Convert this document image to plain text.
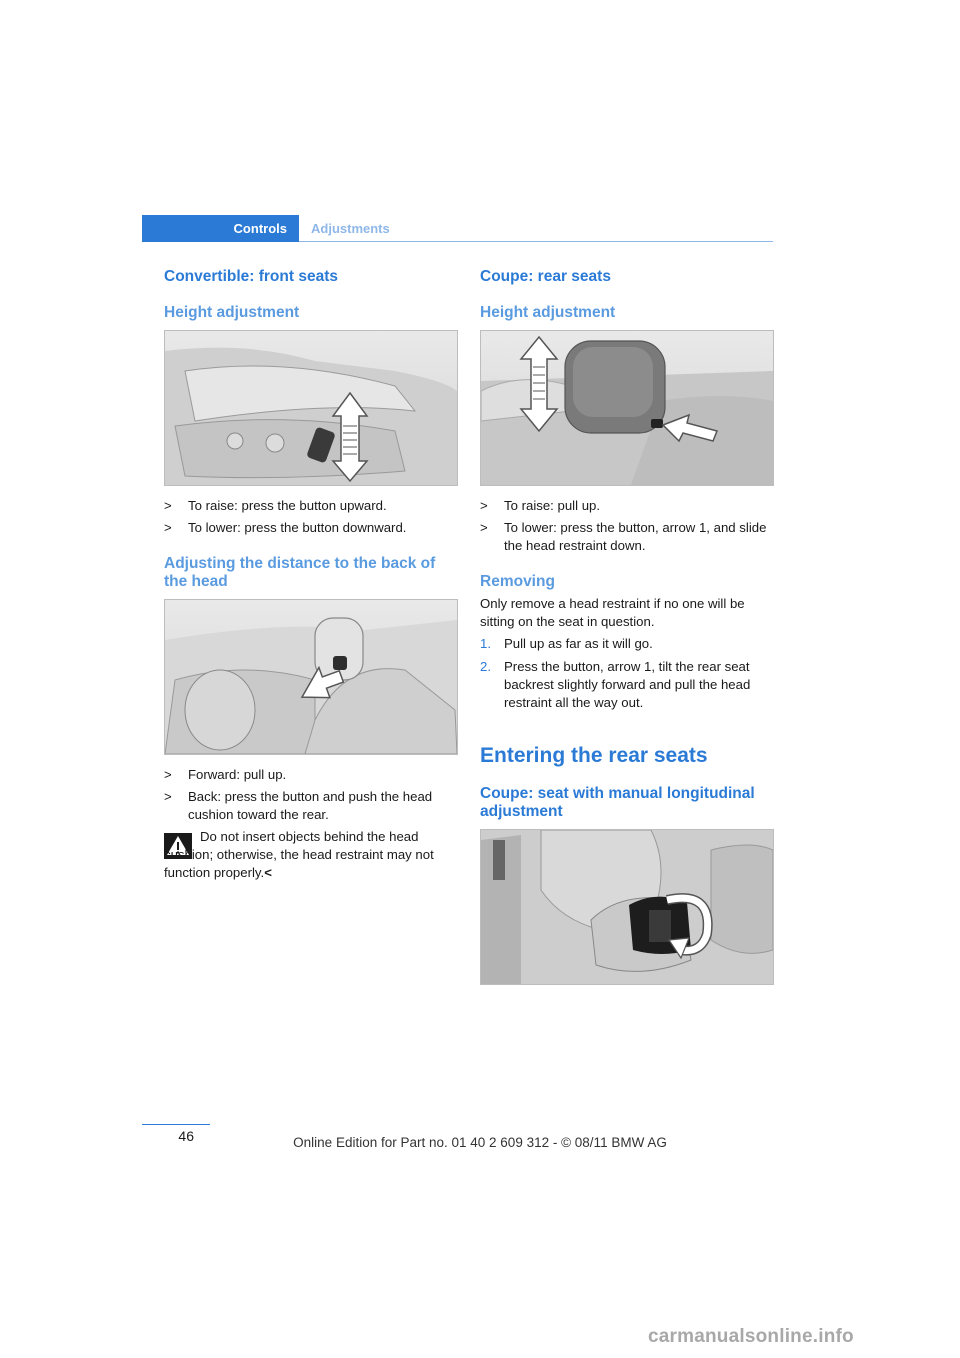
Controls	Adjustments
Convertible: front seats
Height adjustment
> To raise: press the button upward.
> To lower: press the button downward.
Adjusting the distance to the back of the head
> Forward: pull up.
> Back: press the button and push the head cushion toward the rear.

Do not insert objects behind the head cushion; otherwise, the head restraint may not function properly.<

Coupe: rear seats
Height adjustment
> To raise: pull up.
> To lower: press the button, arrow 1, and slide the head restraint down.
Removing

Only remove a head restraint if no one will be sitting on the seat in question.

1. Pull up as far as it will go.
2. Press the button, arrow 1, tilt the rear seat backrest slightly forward and pull the head restraint all the way out.
Entering the rear seats
Coupe: seat with manual longitudinal adjustment
46	Online Edition for Part no. 01 40 2 609 312 - © 08/11 BMW AG
carmanualsonline.info
